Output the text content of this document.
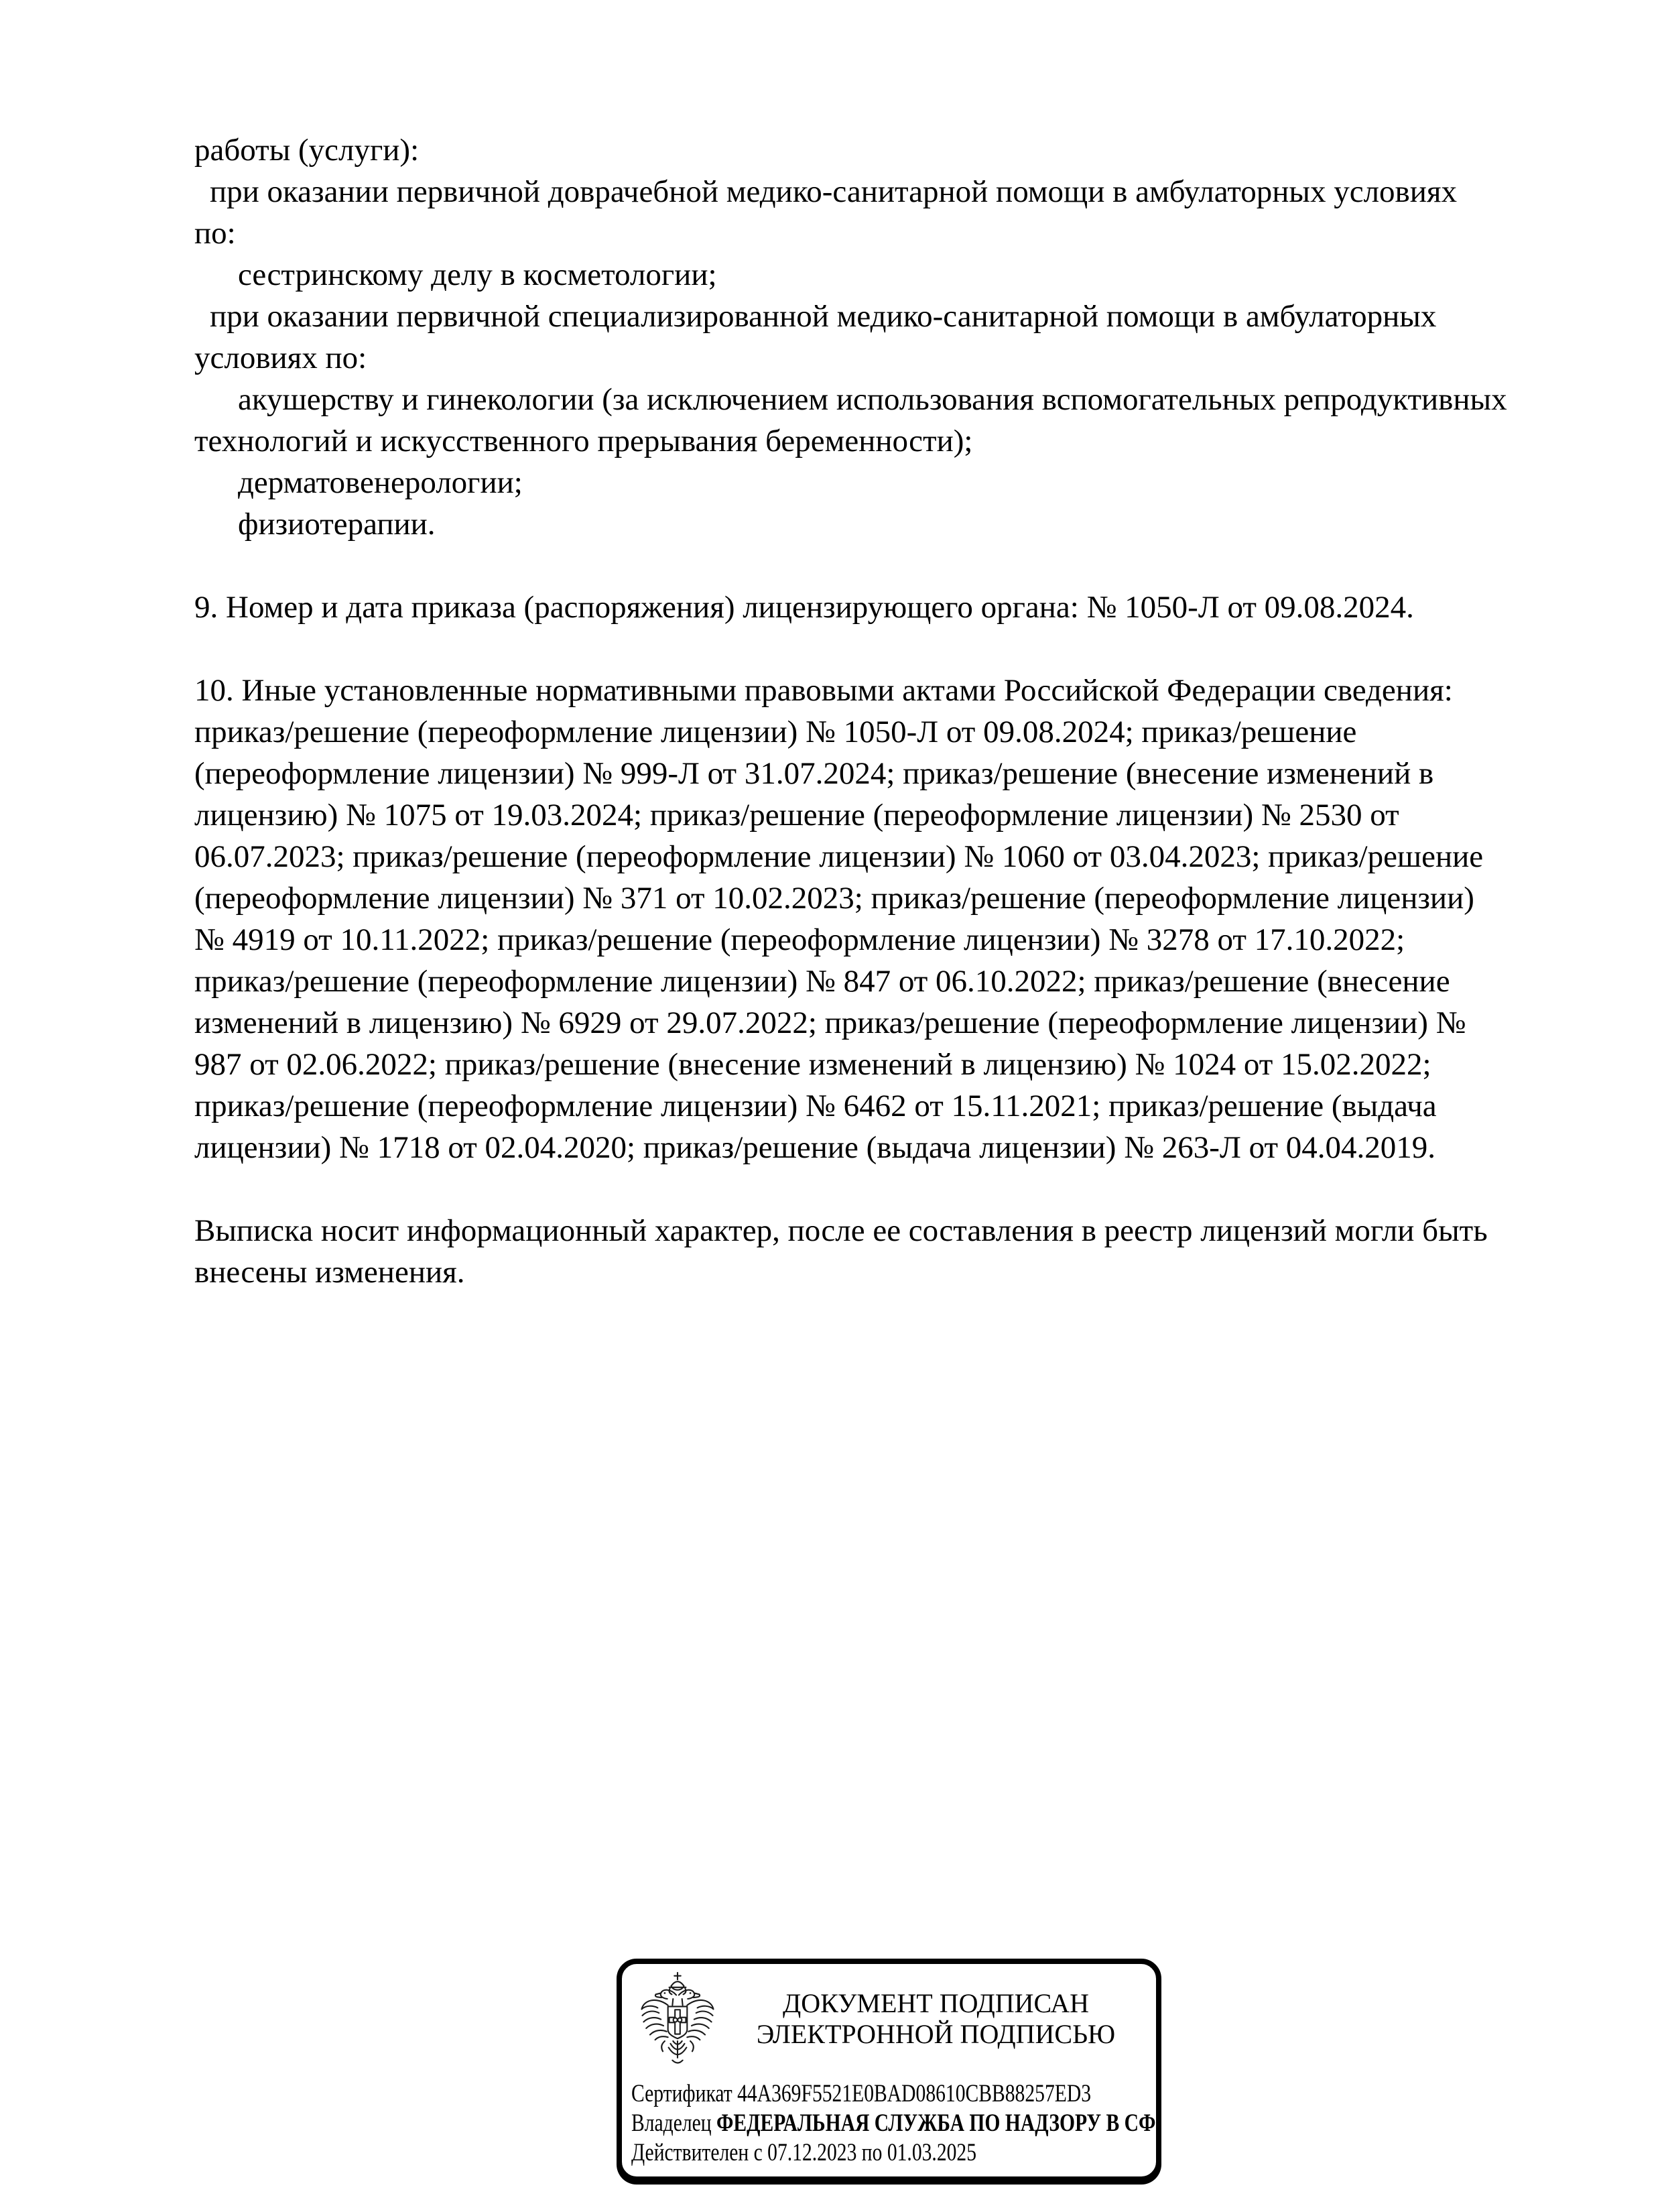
работы (услуги):
при оказании первичной доврачебной медико-санитарной помощи в амбулаторных условиях
по:
сестринскому делу в косметологии;
при оказании первичной специализированной медико-санитарной помощи в амбулаторных
условиях по:
акушерству и гинекологии (за исключением использования вспомогательных репродуктивных
технологий и искусственного прерывания беременности);
дерматовенерологии;
физиотерапии.
9. Номер и дата приказа (распоряжения) лицензирующего органа: № 1050-Л от 09.08.2024.
10. Иные установленные нормативными правовыми актами Российской Федерации сведения:
приказ/решение (переоформление лицензии) № 1050-Л от 09.08.2024; приказ/решение
(переоформление лицензии) № 999-Л от 31.07.2024; приказ/решение (внесение изменений в
лицензию) № 1075 от 19.03.2024; приказ/решение (переоформление лицензии) № 2530 от
06.07.2023; приказ/решение (переоформление лицензии) № 1060 от 03.04.2023; приказ/решение
(переоформление лицензии) № 371 от 10.02.2023; приказ/решение (переоформление лицензии)
№ 4919 от 10.11.2022; приказ/решение (переоформление лицензии) № 3278 от 17.10.2022;
приказ/решение (переоформление лицензии) № 847 от 06.10.2022; приказ/решение (внесение
изменений в лицензию) № 6929 от 29.07.2022; приказ/решение (переоформление лицензии) №
987 от 02.06.2022; приказ/решение (внесение изменений в лицензию) № 1024 от 15.02.2022;
приказ/решение (переоформление лицензии) № 6462 от 15.11.2021; приказ/решение (выдача
лицензии) № 1718 от 02.04.2020; приказ/решение (выдача лицензии) № 263-Л от 04.04.2019.
Выписка носит информационный характер, после ее составления в реестр лицензий могли быть
внесены изменения.
ДОКУМЕНТ ПОДПИСАН
ЭЛЕКТРОННОЙ ПОДПИСЬЮ
Сертификат 44A369F5521E0BAD08610CBB88257ED3
Владелец ФЕДЕРАЛЬНАЯ СЛУЖБА ПО НАДЗОРУ В СФ
Действителен с 07.12.2023 по 01.03.2025
